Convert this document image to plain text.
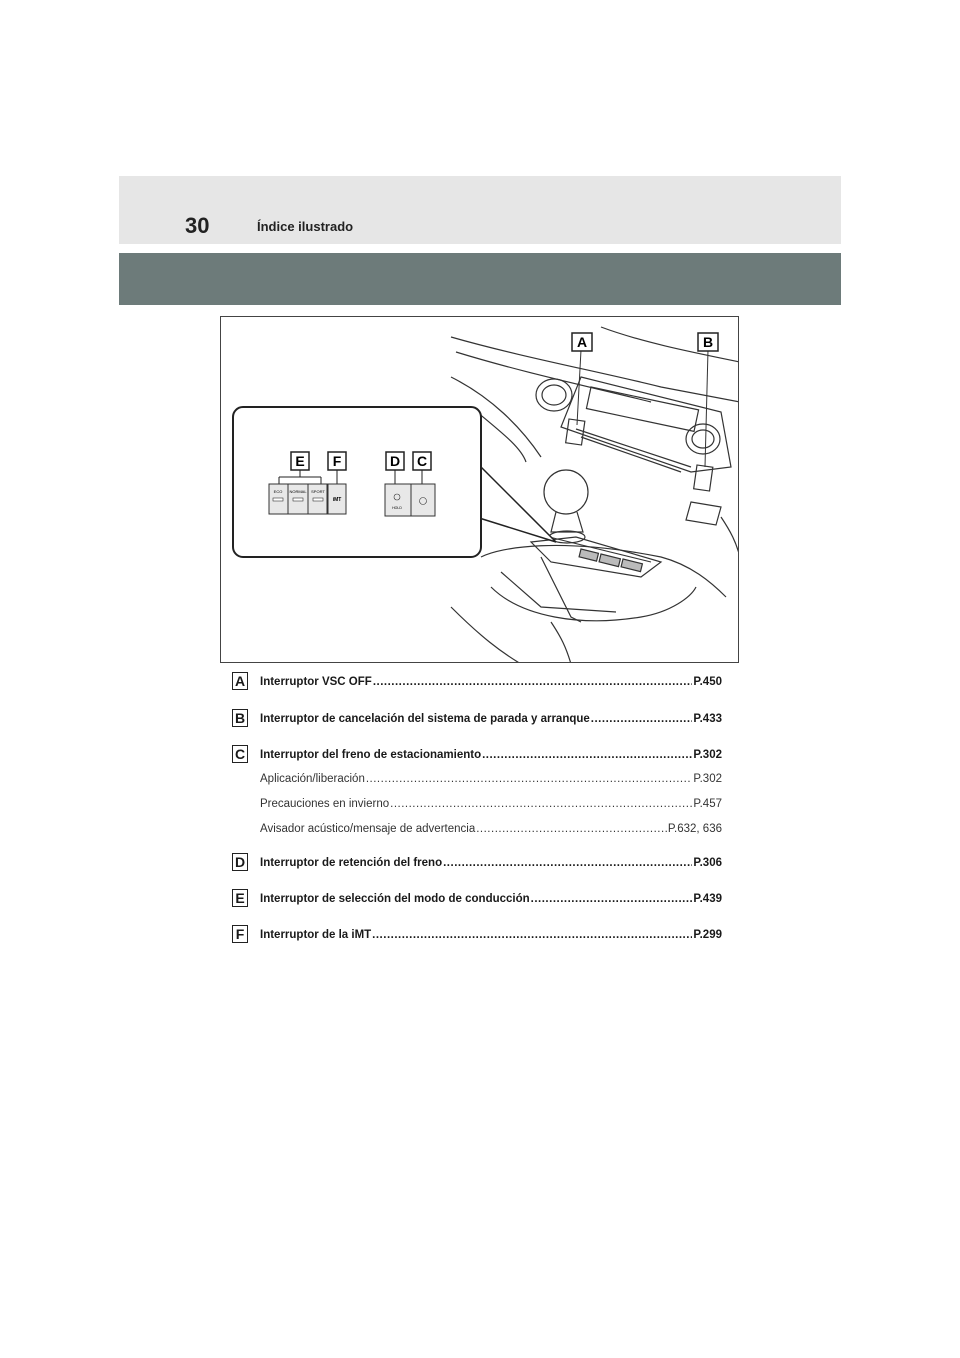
30	Índice ilustrado
A	B
E F	D C
ECO NORMAL SPORT
iMT
HOLD
A Interruptor VSC OFF .....	P.450
B Interruptor de cancelación del sistema de parada y arranque .....	P.433
C Interruptor del freno de estacionamiento .....	P.302
Aplicación/liberación .....	P.302
Precauciones en invierno .....	P.457
Avisador acústico/mensaje de advertencia .....	P.632, 636
D Interruptor de retención del freno .....	P.306
E Interruptor de selección del modo de conducción .....	P.439
F	Interruptor de la iMT .....	P.299
